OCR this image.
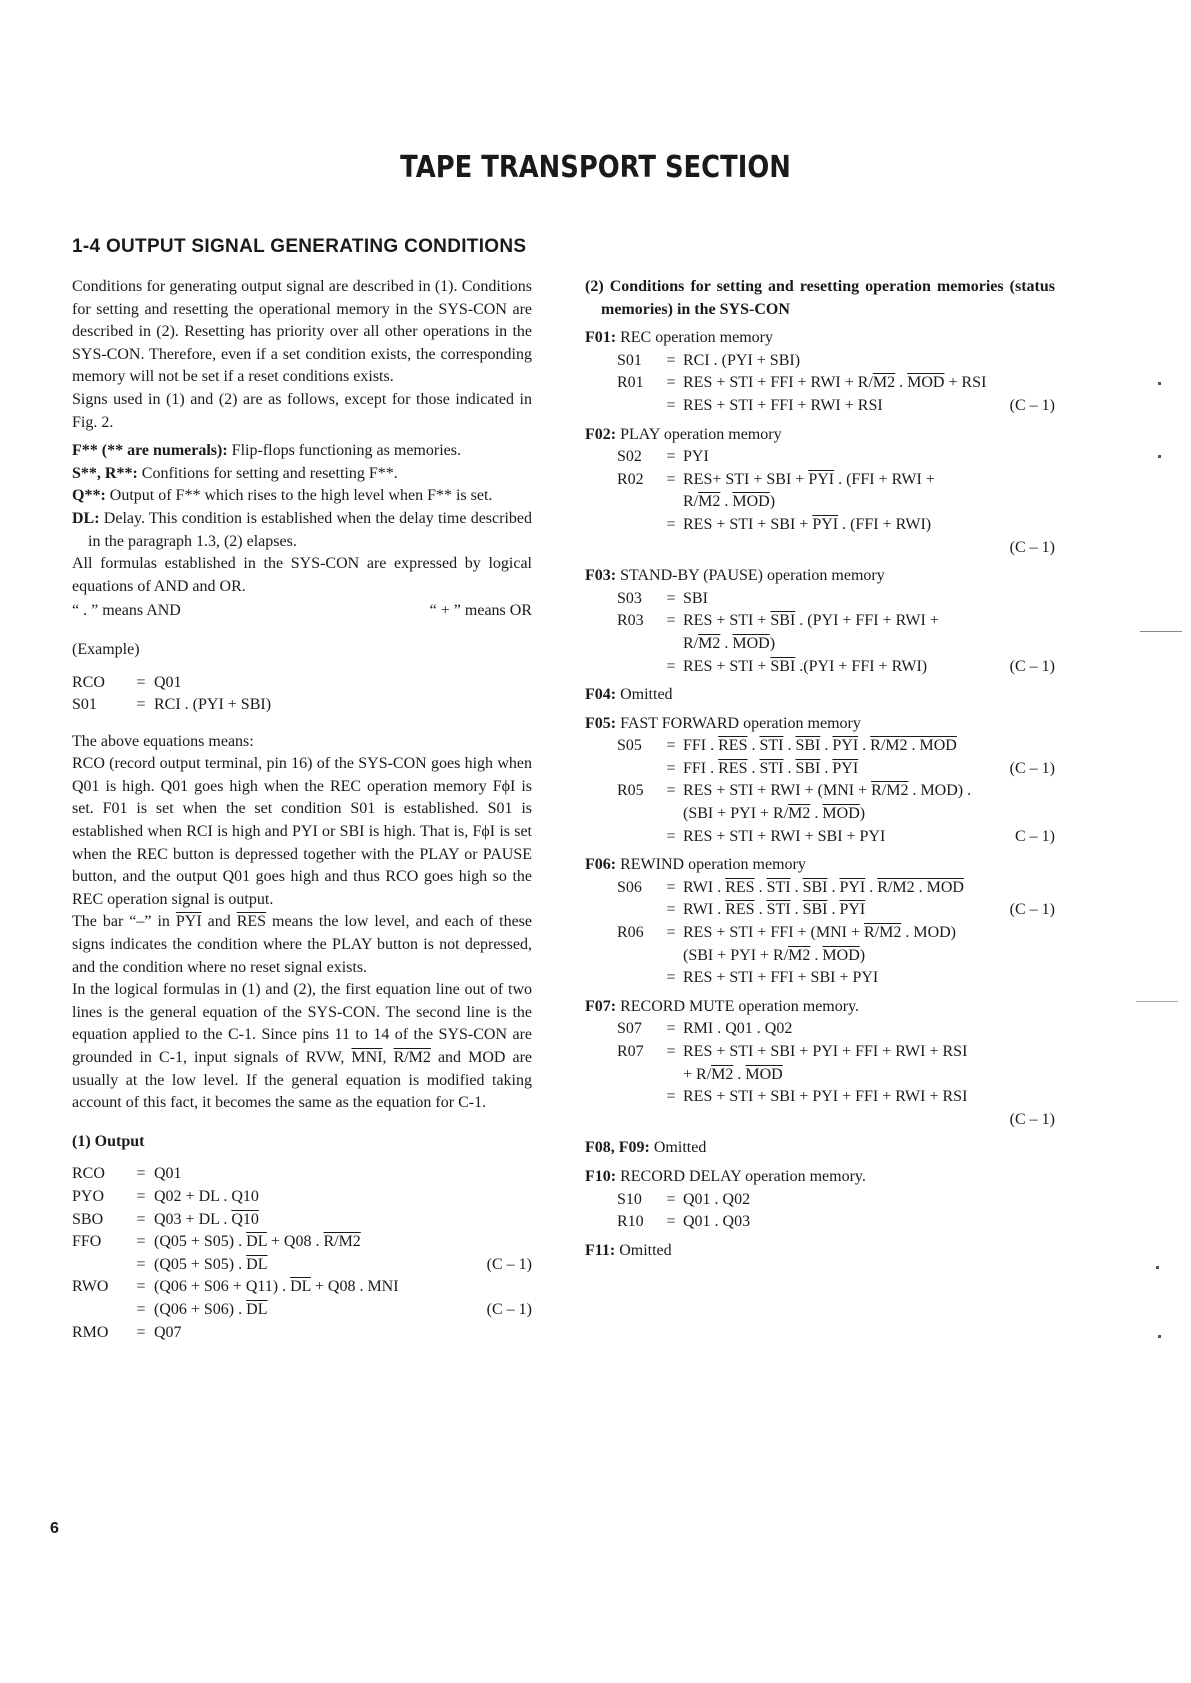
TAPE TRANSPORT SECTION
1-4 OUTPUT SIGNAL GENERATING CONDITIONS

Conditions for generating output signal are described in (1). Conditions for setting and resetting the operational memory in the SYS-CON are described in (2). Resetting has priority over all other operations in the SYS-CON. Therefore, even if a set condition exists, the corresponding memory will not be set if a reset conditions exists.

Signs used in (1) and (2) are as follows, except for those indicated in Fig. 2.

F** (** are numerals): Flip-flops functioning as memories.
S**, R**: Confitions for setting and resetting F**.
Q**: Output of F** which rises to the high level when F** is set.
DL: Delay. This condition is established when the delay time described in the paragraph 1.3, (2) elapses.
All formulas established in the SYS-CON are expressed by logical equations of AND and OR.
“ . ” means AND	“ + ” means OR
(Example)
RCO	=	Q01
S01	=	RCI . (PYI + SBI)

The above equations means:

RCO (record output terminal, pin 16) of the SYS-CON goes high when Q01 is high. Q01 goes high when the REC operation memory FϕI is set. F01 is set when the set condition S01 is established. S01 is established when RCI is high and PYI or SBI is high. That is, FϕI is set when the REC button is depressed together with the PLAY or PAUSE button, and the output Q01 goes high and thus RCO goes high so the REC operation signal is output.

The bar “–” in $\overline{PYI}$ and $\overline{RES}$ means the low level, and each of these signs indicates the condition where the PLAY button is not depressed, and the condition where no reset signal exists.

In the logical formulas in (1) and (2), the first equation line out of two lines is the general equation of the SYS-CON. The second line is the equation applied to the C-1. Since pins 11 to 14 of the SYS-CON are grounded in C-1, input signals of RVW, $\overline{MNI}$, R/M2 and MOD are usually at the low level. If the general equation is modified taking account of this fact, it becomes the same as the equation for C-1.

(1) Output
RCO	=	Q01	
PYO	=	Q02 + DL . Q10	
SBO	=	Q03 + DL . Q10	
FFO	=	(Q05 + S05) . $\overline{DL} + Q08$ . R/M2	
	=	(Q05 + S05) . $\overline{DL}$	(C – 1)
RWO	=	(Q06 + S06 + Q11) . $\overline{DL} + Q08$ . MNI	
	=	(Q06 + S06) . $\overline{DL}$	(C – 1)
RMO	=	Q07	
(2) Conditions for setting and resetting operation memories (status memories) in the SYS-CON
F01: REC operation memory
S01	=	RCI . (PYI + SBI)	
R01	=	RES + STI + FFI + RWI + R/M2 . $\overline{MOD}$ + RSI	
	=	RES + STI + FFI + RWI + RSI	(C – 1)
F02: PLAY operation memory
S02	=	PYI
R02	=	RES+ STI + SBI + $\overline{PYI}$ . (FFI + RWI +
		R/M2 . $\overline{MOD}$)
	=	RES + STI + SBI + $\overline{PYI}$ . (FFI + RWI)
			(C – 1)
F03: STAND-BY (PAUSE) operation memory
S03	=	SBI	
R03	=	RES + STI + $\overline{SBI}$ . (PYI + FFI + RWI +	
		R/M2 . $\overline{MOD}$)	
	=	RES + STI + $\overline{SBI}$ .(PYI + FFI + RWI)	(C – 1)
F04: Omitted
F05: FAST FORWARD operation memory
S05	=	FFI . $\overline{RES}$ . $\overline{STI}$ . $\overline{SBI}$ . $\overline{PYI}$ . R/M2 . MOD	
	=	FFI . $\overline{RES}$ . $\overline{STI}$ . $\overline{SBI}$ . $\overline{PYI}$	(C – 1)
R05	=	RES + STI + RWI + (MNI + R/M2 . MOD) .	
		(SBI + PYI + R/M2 . $\overline{MOD}$)	
	=	RES + STI + RWI + SBI + PYI	C – 1)
F06: REWIND operation memory
S06	=	RWI . $\overline{RES}$ . $\overline{STI}$ . $\overline{SBI}$ . $\overline{PYI}$ . R/M2 . MOD	
	=	RWI . $\overline{RES}$ . $\overline{STI}$ . $\overline{SBI}$ . $\overline{PYI}$	(C – 1)
R06	=	RES + STI + FFI + (MNI + R/M2 . MOD)	
		(SBI + PYI + R/M2 . $\overline{MOD}$)	
	=	RES + STI + FFI + SBI + PYI	
F07: RECORD MUTE operation memory.
S07	=	RMI . Q01 . Q02
R07	=	RES + STI + SBI + PYI + FFI + RWI + RSI
		+ R/M2 . $\overline{MOD}$
	=	RES + STI + SBI + PYI + FFI + RWI + RSI
			(C – 1)
F08, F09: Omitted
F10: RECORD DELAY operation memory.
S10	=	Q01 . Q02
R10	=	Q01 . Q03
F11: Omitted
6
